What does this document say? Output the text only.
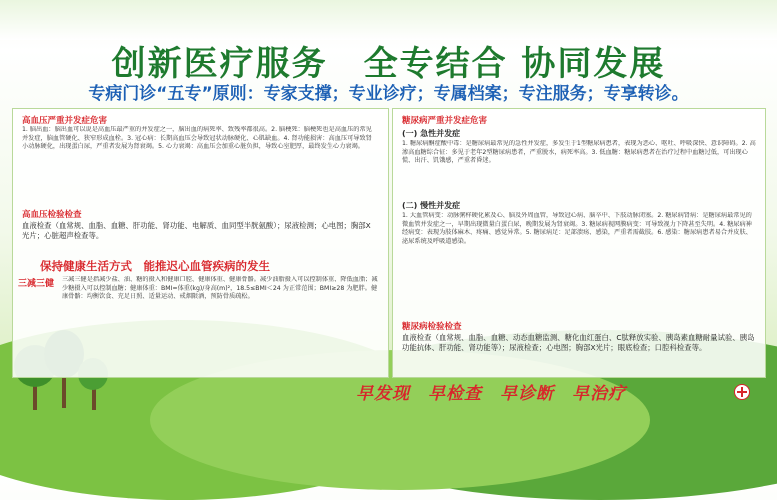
创新医疗服务　全专结合 协同发展
专病门诊“五专”原则：专家支撑；专业诊疗；专属档案；专注服务；专享转诊。
高血压严重并发症危害
1. 脑出血：脑出血可以说是高血压最严重的并发症之一，脑出血的病死率、致残率都很高。2. 脑梗死：脑梗死也是高血压的常见并发症，脑血管硬化、狭窄形成血栓。3. 冠心病：长期高血压会导致冠状动脉硬化、心肌缺血。4. 肾功能损害：高血压可导致肾小动脉硬化，出现蛋白尿，严重者发展为肾衰竭。5. 心力衰竭：高血压会加重心脏负担，导致心室肥厚，最终发生心力衰竭。
高血压检验检查
血液检查（血常规、血脂、血糖、肝功能、肾功能、电解质、血同型半胱氨酸）；尿液检测；心电图；胸部X光片；心脏超声检查等。
保持健康生活方式　能推迟心血管疾病的发生
三减三健 三减三健是指减少盐、油、糖的摄入和健康口腔、健康体重、健康骨骼。减少油脂摄入可以控制体重、降低血脂；减少糖摄入可以控制血糖；健康体重：BMI=体重(kg)/身高(m)²，18.5≤BMI＜24 为正常范围；BMI≥28 为肥胖。健康骨骼：均衡饮食、充足日照、适量运动、戒烟限酒，预防骨质疏松。
糖尿病严重并发症危害
(一) 急性并发症
1. 糖尿病酮症酸中毒：是糖尿病最常见的急性并发症，多发生于1型糖尿病患者，表现为恶心、呕吐、呼吸深快、意识障碍。2. 高渗高血糖综合征：多见于老年2型糖尿病患者，严重脱水，病死率高。3. 低血糖：糖尿病患者在治疗过程中血糖过低，可出现心慌、出汗、饥饿感，严重者昏迷。
(二) 慢性并发症
1. 大血管病变：动脉粥样硬化累及心、脑及外周血管，导致冠心病、脑卒中、下肢动脉闭塞。2. 糖尿病肾病：是糖尿病最常见的微血管并发症之一，早期出现微量白蛋白尿，晚期发展为肾衰竭。3. 糖尿病视网膜病变：可导致视力下降甚至失明。4. 糖尿病神经病变：表现为肢体麻木、疼痛、感觉异常。5. 糖尿病足：足部溃疡、感染，严重者需截肢。6. 感染：糖尿病患者易合并皮肤、泌尿系统及呼吸道感染。
糖尿病检验检查
血液检查（血常规、血脂、血糖、动态血糖监测、糖化血红蛋白、C肽释放实验、胰岛素血糖耐量试验、胰岛功能抗体、肝功能、肾功能等）；尿液检查；心电图；胸部X光片；眼底检查；口腔科检查等。
早发现　早检查　早诊断　早治疗
